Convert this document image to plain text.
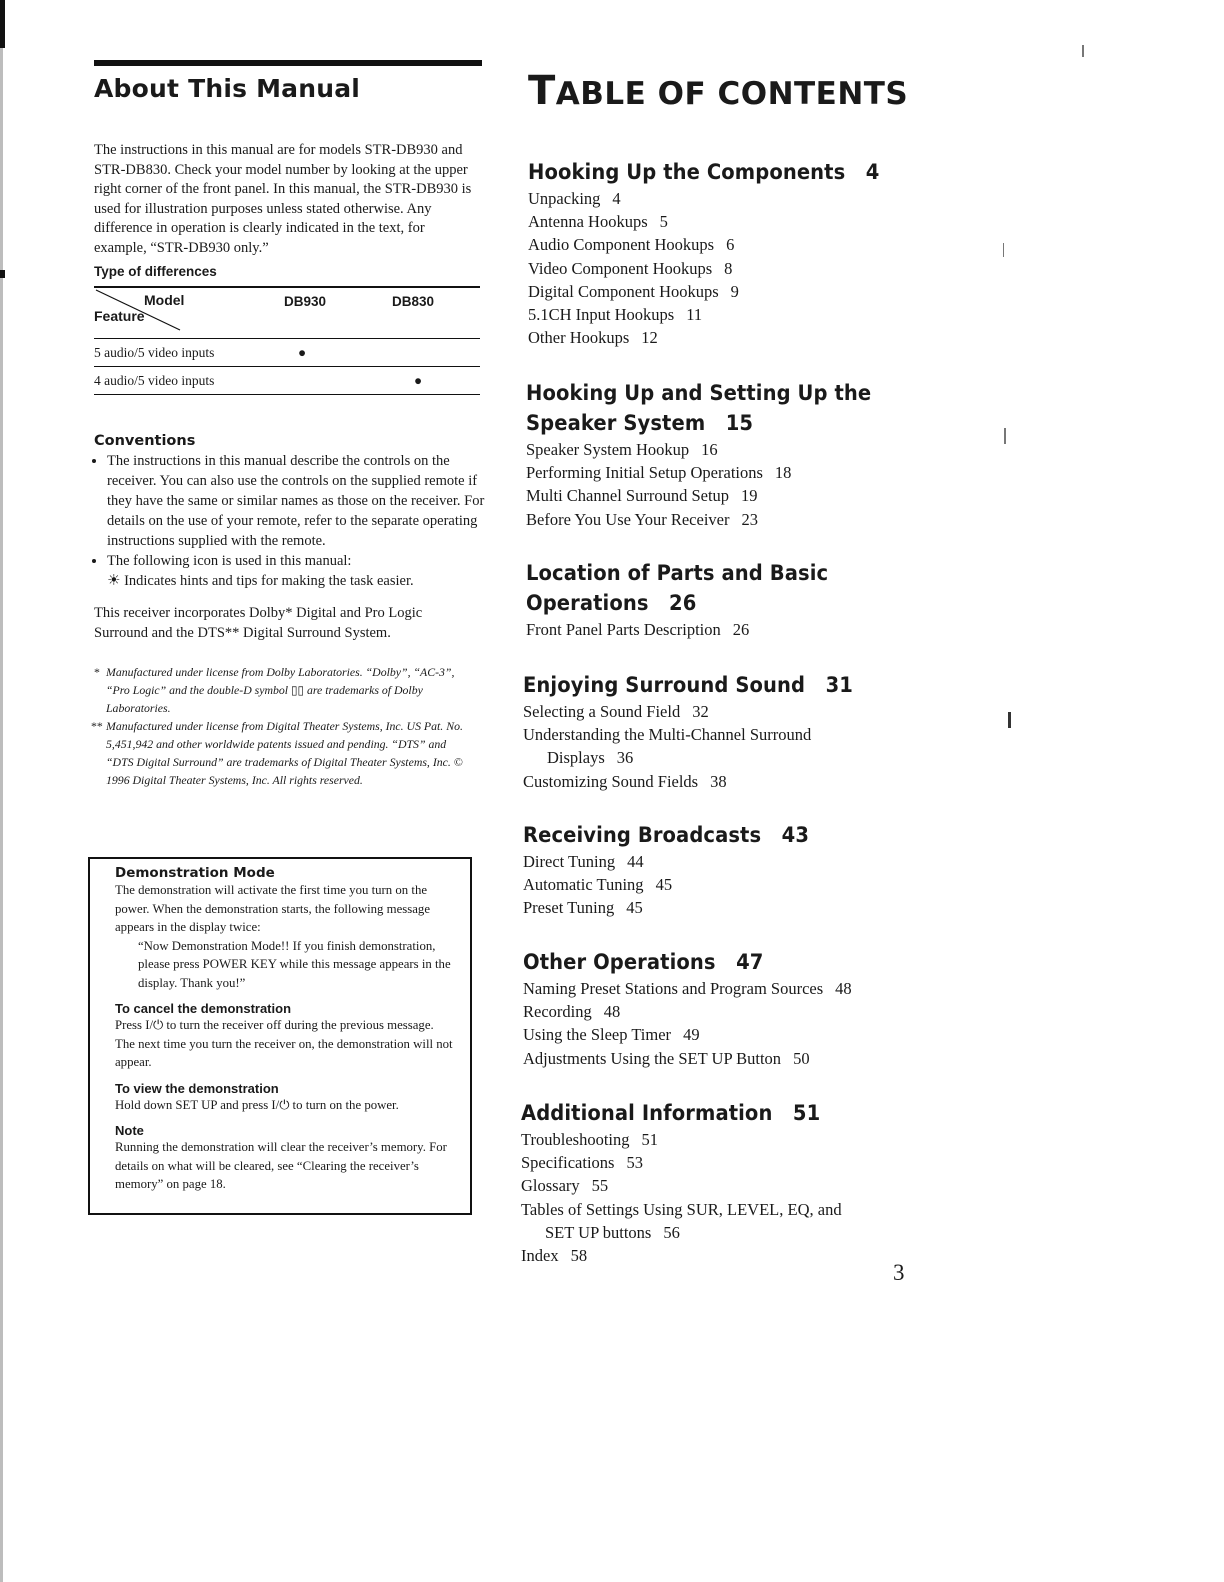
About This Manual
The instructions in this manual are for models STR-DB930 and STR-DB830. Check your model number by looking at the upper right corner of the front panel. In this manual, the STR-DB930 is used for illustration purposes unless stated otherwise. Any difference in operation is clearly indicated in the text, for example, “STR-DB930 only.”
Type of differences
Model
Feature	DB930	DB830
5 audio/5 video inputs	●	
4 audio/5 video inputs		●
Conventions
• The instructions in this manual describe the controls on the receiver. You can also use the controls on the supplied remote if they have the same or similar names as those on the receiver. For details on the use of your remote, refer to the separate operating instructions supplied with the remote.
• The following icon is used in this manual:
☀ Indicates hints and tips for making the task easier.
This receiver incorporates Dolby* Digital and Pro Logic Surround and the DTS** Digital Surround System.
* Manufactured under license from Dolby Laboratories. “Dolby”, “AC-3”, “Pro Logic” and the double-D symbol ▯▯ are trademarks of Dolby Laboratories.
** Manufactured under license from Digital Theater Systems, Inc. US Pat. No. 5,451,942 and other worldwide patents issued and pending. “DTS” and “DTS Digital Surround” are trademarks of Digital Theater Systems, Inc. © 1996 Digital Theater Systems, Inc. All rights reserved.
Demonstration Mode
The demonstration will activate the first time you turn on the power. When the demonstration starts, the following message appears in the display twice:
“Now Demonstration Mode!! If you finish demonstration, please press POWER KEY while this message appears in the display. Thank you!”
To cancel the demonstration
Press I/⏻ to turn the receiver off during the previous message. The next time you turn the receiver on, the demonstration will not appear.
To view the demonstration
Hold down SET UP and press I/⏻ to turn on the power.
Note
Running the demonstration will clear the receiver’s memory. For details on what will be cleared, see “Clearing the receiver’s memory” on page 18.
TABLE OF CONTENTS
Hooking Up the Components 4
Unpacking 4
Antenna Hookups 5
Audio Component Hookups 6
Video Component Hookups 8
Digital Component Hookups 9
5.1CH Input Hookups 11
Other Hookups 12
Hooking Up and Setting Up the
Speaker System 15
Speaker System Hookup 16
Performing Initial Setup Operations 18
Multi Channel Surround Setup 19
Before You Use Your Receiver 23
Location of Parts and Basic
Operations 26
Front Panel Parts Description 26
Enjoying Surround Sound 31
Selecting a Sound Field 32
Understanding the Multi-Channel Surround
Displays 36
Customizing Sound Fields 38
Receiving Broadcasts 43
Direct Tuning 44
Automatic Tuning 45
Preset Tuning 45
Other Operations 47
Naming Preset Stations and Program Sources 48
Recording 48
Using the Sleep Timer 49
Adjustments Using the SET UP Button 50
Additional Information 51
Troubleshooting 51
Specifications 53
Glossary 55
Tables of Settings Using SUR, LEVEL, EQ, and
SET UP buttons 56
Index 58
3
